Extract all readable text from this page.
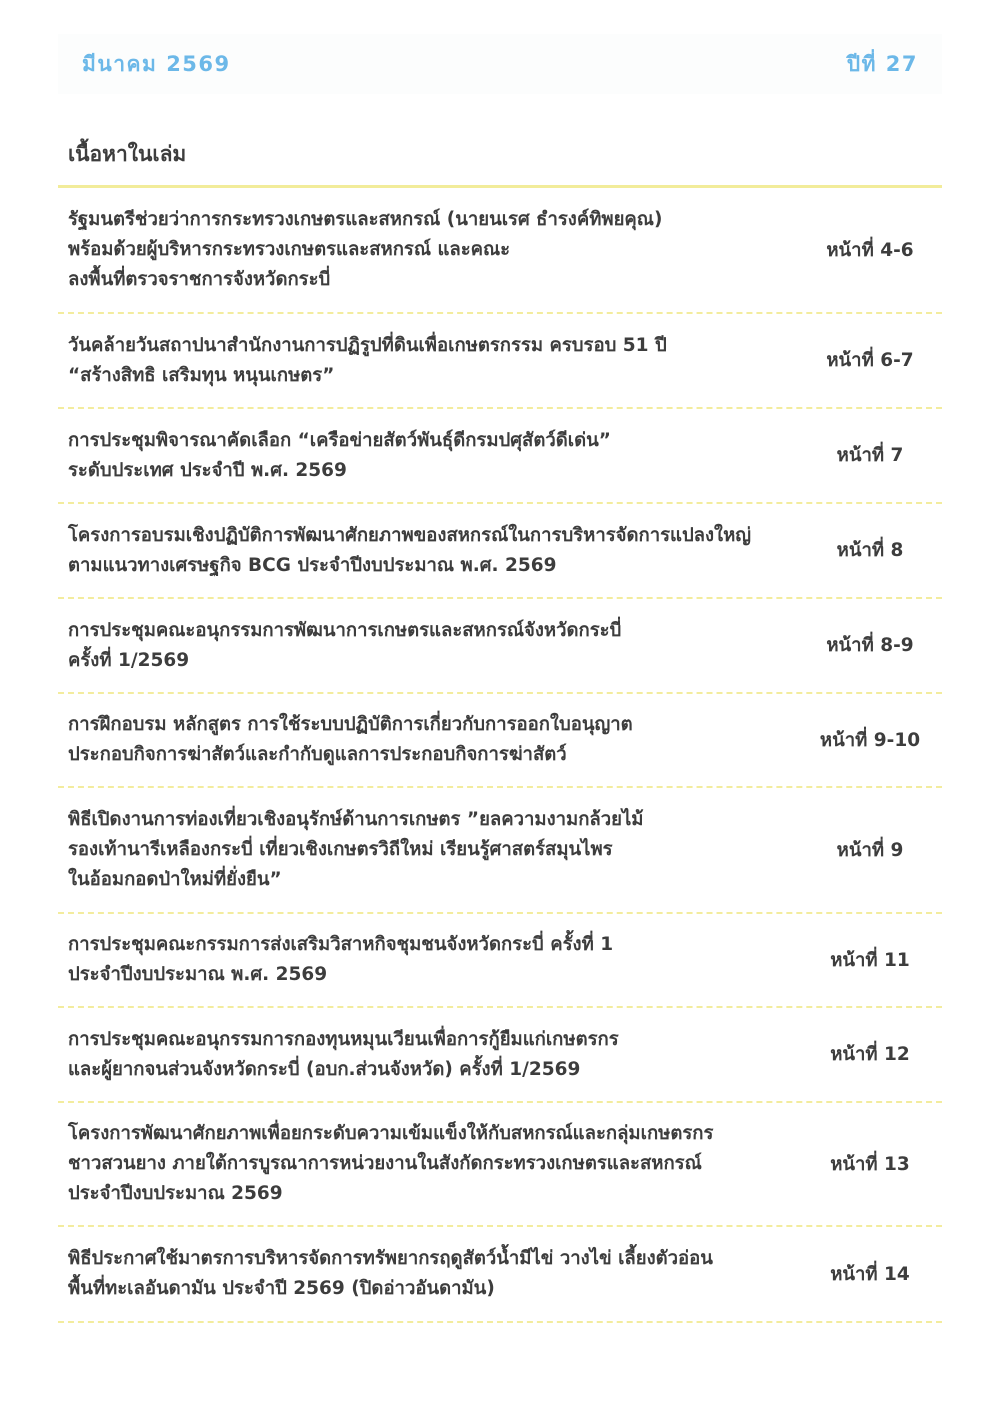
มีนาคม 2569	ปีที่ 27
เนื้อหาในเล่ม
รัฐมนตรีช่วยว่าการกระทรวงเกษตรและสหกรณ์ (นายนเรศ ธำรงค์ทิพยคุณ)
พร้อมด้วยผู้บริหารกระทรวงเกษตรและสหกรณ์ และคณะ
ลงพื้นที่ตรวจราชการจังหวัดกระบี่
หน้าที่ 4-6
วันคล้ายวันสถาปนาสำนักงานการปฏิรูปที่ดินเพื่อเกษตรกรรม ครบรอบ 51 ปี
“สร้างสิทธิ เสริมทุน หนุนเกษตร”
หน้าที่ 6-7
การประชุมพิจารณาคัดเลือก “เครือข่ายสัตว์พันธุ์ดีกรมปศุสัตว์ดีเด่น”
ระดับประเทศ ประจำปี พ.ศ. 2569
หน้าที่ 7
โครงการอบรมเชิงปฏิบัติการพัฒนาศักยภาพของสหกรณ์ในการบริหารจัดการแปลงใหญ่
ตามแนวทางเศรษฐกิจ BCG ประจำปีงบประมาณ พ.ศ. 2569
หน้าที่ 8
การประชุมคณะอนุกรรมการพัฒนาการเกษตรและสหกรณ์จังหวัดกระบี่
ครั้งที่ 1/2569
หน้าที่ 8-9
การฝึกอบรม หลักสูตร การใช้ระบบปฏิบัติการเกี่ยวกับการออกใบอนุญาต
ประกอบกิจการฆ่าสัตว์และกำกับดูแลการประกอบกิจการฆ่าสัตว์
หน้าที่ 9-10
พิธีเปิดงานการท่องเที่ยวเชิงอนุรักษ์ด้านการเกษตร ”ยลความงามกล้วยไม้
รองเท้านารีเหลืองกระบี่ เที่ยวเชิงเกษตรวิถีใหม่ เรียนรู้ศาสตร์สมุนไพร
ในอ้อมกอดป่าใหม่ที่ยั่งยืน”
หน้าที่ 9
การประชุมคณะกรรมการส่งเสริมวิสาหกิจชุมชนจังหวัดกระบี่ ครั้งที่ 1
ประจำปีงบประมาณ พ.ศ. 2569
หน้าที่ 11
การประชุมคณะอนุกรรมการกองทุนหมุนเวียนเพื่อการกู้ยืมแก่เกษตรกร
และผู้ยากจนส่วนจังหวัดกระบี่ (อบก.ส่วนจังหวัด) ครั้งที่ 1/2569
หน้าที่ 12
โครงการพัฒนาศักยภาพเพื่อยกระดับความเข้มแข็งให้กับสหกรณ์และกลุ่มเกษตรกร
ชาวสวนยาง ภายใต้การบูรณาการหน่วยงานในสังกัดกระทรวงเกษตรและสหกรณ์
ประจำปีงบประมาณ 2569
หน้าที่ 13
พิธีประกาศใช้มาตรการบริหารจัดการทรัพยากรฤดูสัตว์น้ำมีไข่ วางไข่ เลี้ยงตัวอ่อน
พื้นที่ทะเลอันดามัน ประจำปี 2569 (ปิดอ่าวอันดามัน)
หน้าที่ 14
